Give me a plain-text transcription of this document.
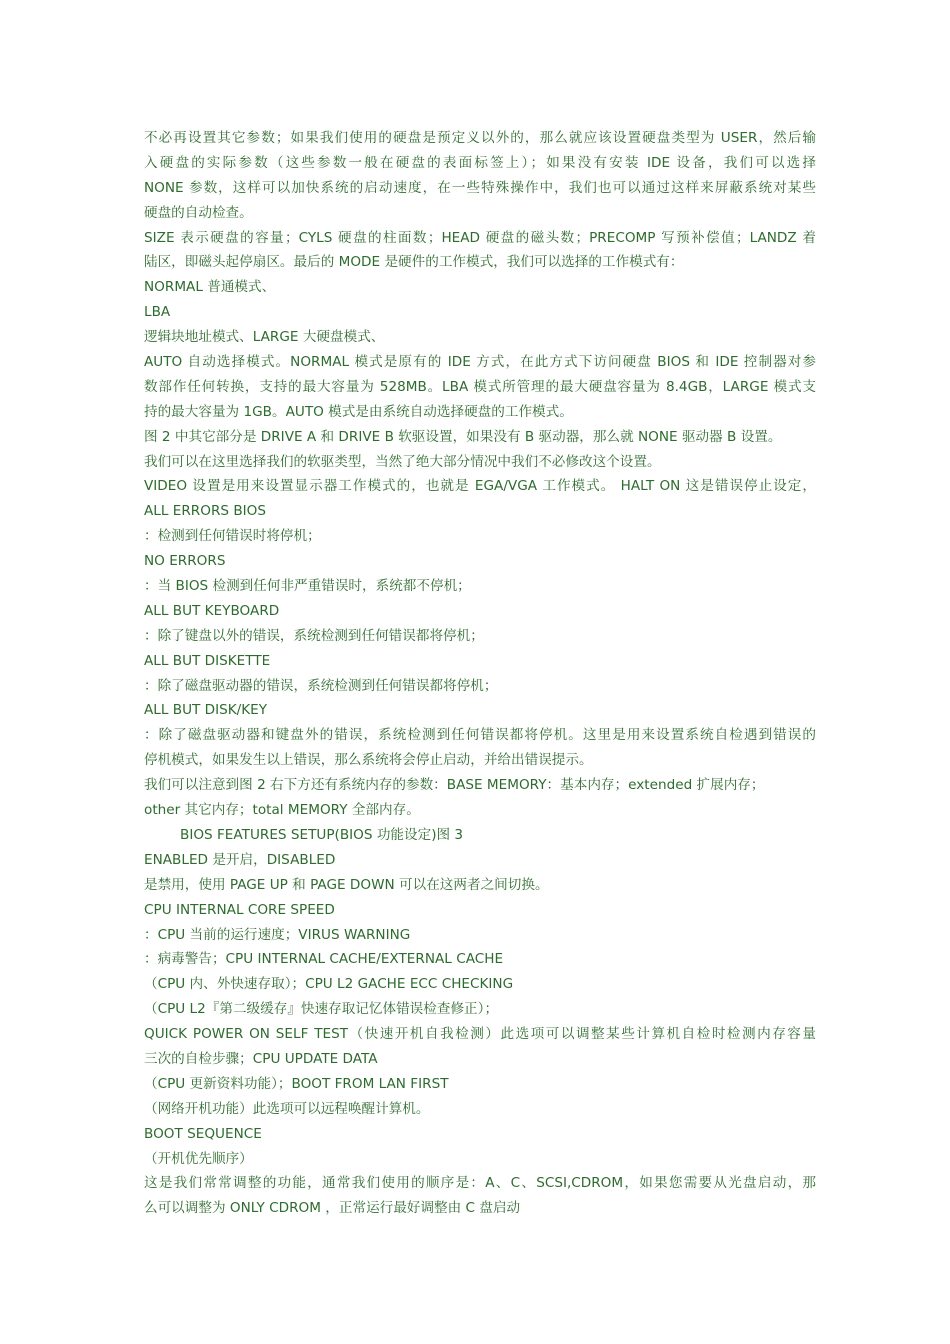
不必再设置其它参数；如果我们使用的硬盘是预定义以外的，那么就应该设置硬盘类型为 USER，然后输
入硬盘的实际参数（这些参数一般在硬盘的表面标签上）；如果没有安装 IDE 设备，我们可以选择
NONE 参数，这样可以加快系统的启动速度，在一些特殊操作中，我们也可以通过这样来屏蔽系统对某些
硬盘的自动检查。
SIZE 表示硬盘的容量；CYLS 硬盘的柱面数；HEAD 硬盘的磁头数；PRECOMP 写预补偿值；LANDZ 着
陆区，即磁头起停扇区。最后的 MODE 是硬件的工作模式，我们可以选择的工作模式有：
NORMAL 普通模式、
LBA
逻辑块地址模式、LARGE 大硬盘模式、
AUTO 自动选择模式。NORMAL 模式是原有的 IDE 方式，在此方式下访问硬盘 BIOS 和 IDE 控制器对参
数部作任何转换，支持的最大容量为 528MB。LBA 模式所管理的最大硬盘容量为 8.4GB，LARGE 模式支
持的最大容量为 1GB。AUTO 模式是由系统自动选择硬盘的工作模式。
图 2 中其它部分是 DRIVE A 和 DRIVE B 软驱设置，如果没有 B 驱动器，那么就 NONE 驱动器 B 设置。
我们可以在这里选择我们的软驱类型，当然了绝大部分情况中我们不必修改这个设置。
VIDEO 设置是用来设置显示器工作模式的，也就是 EGA/VGA 工作模式。 HALT ON 这是错误停止设定，
ALL ERRORS BIOS
：检测到任何错误时将停机；
NO ERRORS
：当 BIOS 检测到任何非严重错误时，系统都不停机；
ALL BUT KEYBOARD
：除了键盘以外的错误，系统检测到任何错误都将停机；
ALL BUT DISKETTE
：除了磁盘驱动器的错误，系统检测到任何错误都将停机；
ALL BUT DISK/KEY
：除了磁盘驱动器和键盘外的错误，系统检测到任何错误都将停机。这里是用来设置系统自检遇到错误的
停机模式，如果发生以上错误，那么系统将会停止启动，并给出错误提示。
我们可以注意到图 2 右下方还有系统内存的参数：BASE MEMORY：基本内存；extended 扩展内存；
other 其它内存；total MEMORY 全部内存。
BIOS FEATURES SETUP(BIOS 功能设定)图 3
ENABLED 是开启，DISABLED
是禁用，使用 PAGE UP 和 PAGE DOWN 可以在这两者之间切换。
CPU INTERNAL CORE SPEED
：CPU 当前的运行速度；VIRUS WARNING
：病毒警告；CPU INTERNAL CACHE/EXTERNAL CACHE
（CPU 内、外快速存取）；CPU L2 GACHE ECC CHECKING
（CPU L2『第二级缓存』快速存取记忆体错误检查修正）；
QUICK POWER ON SELF TEST（快速开机自我检测）此选项可以调整某些计算机自检时检测内存容量
三次的自检步骤；CPU UPDATE DATA
（CPU 更新资料功能）；BOOT FROM LAN FIRST
（网络开机功能）此选项可以远程唤醒计算机。
BOOT SEQUENCE
（开机优先顺序）
这是我们常常调整的功能，通常我们使用的顺序是：A、C、SCSI,CDROM，如果您需要从光盘启动，那
么可以调整为 ONLY CDROM ，正常运行最好调整由 C 盘启动
